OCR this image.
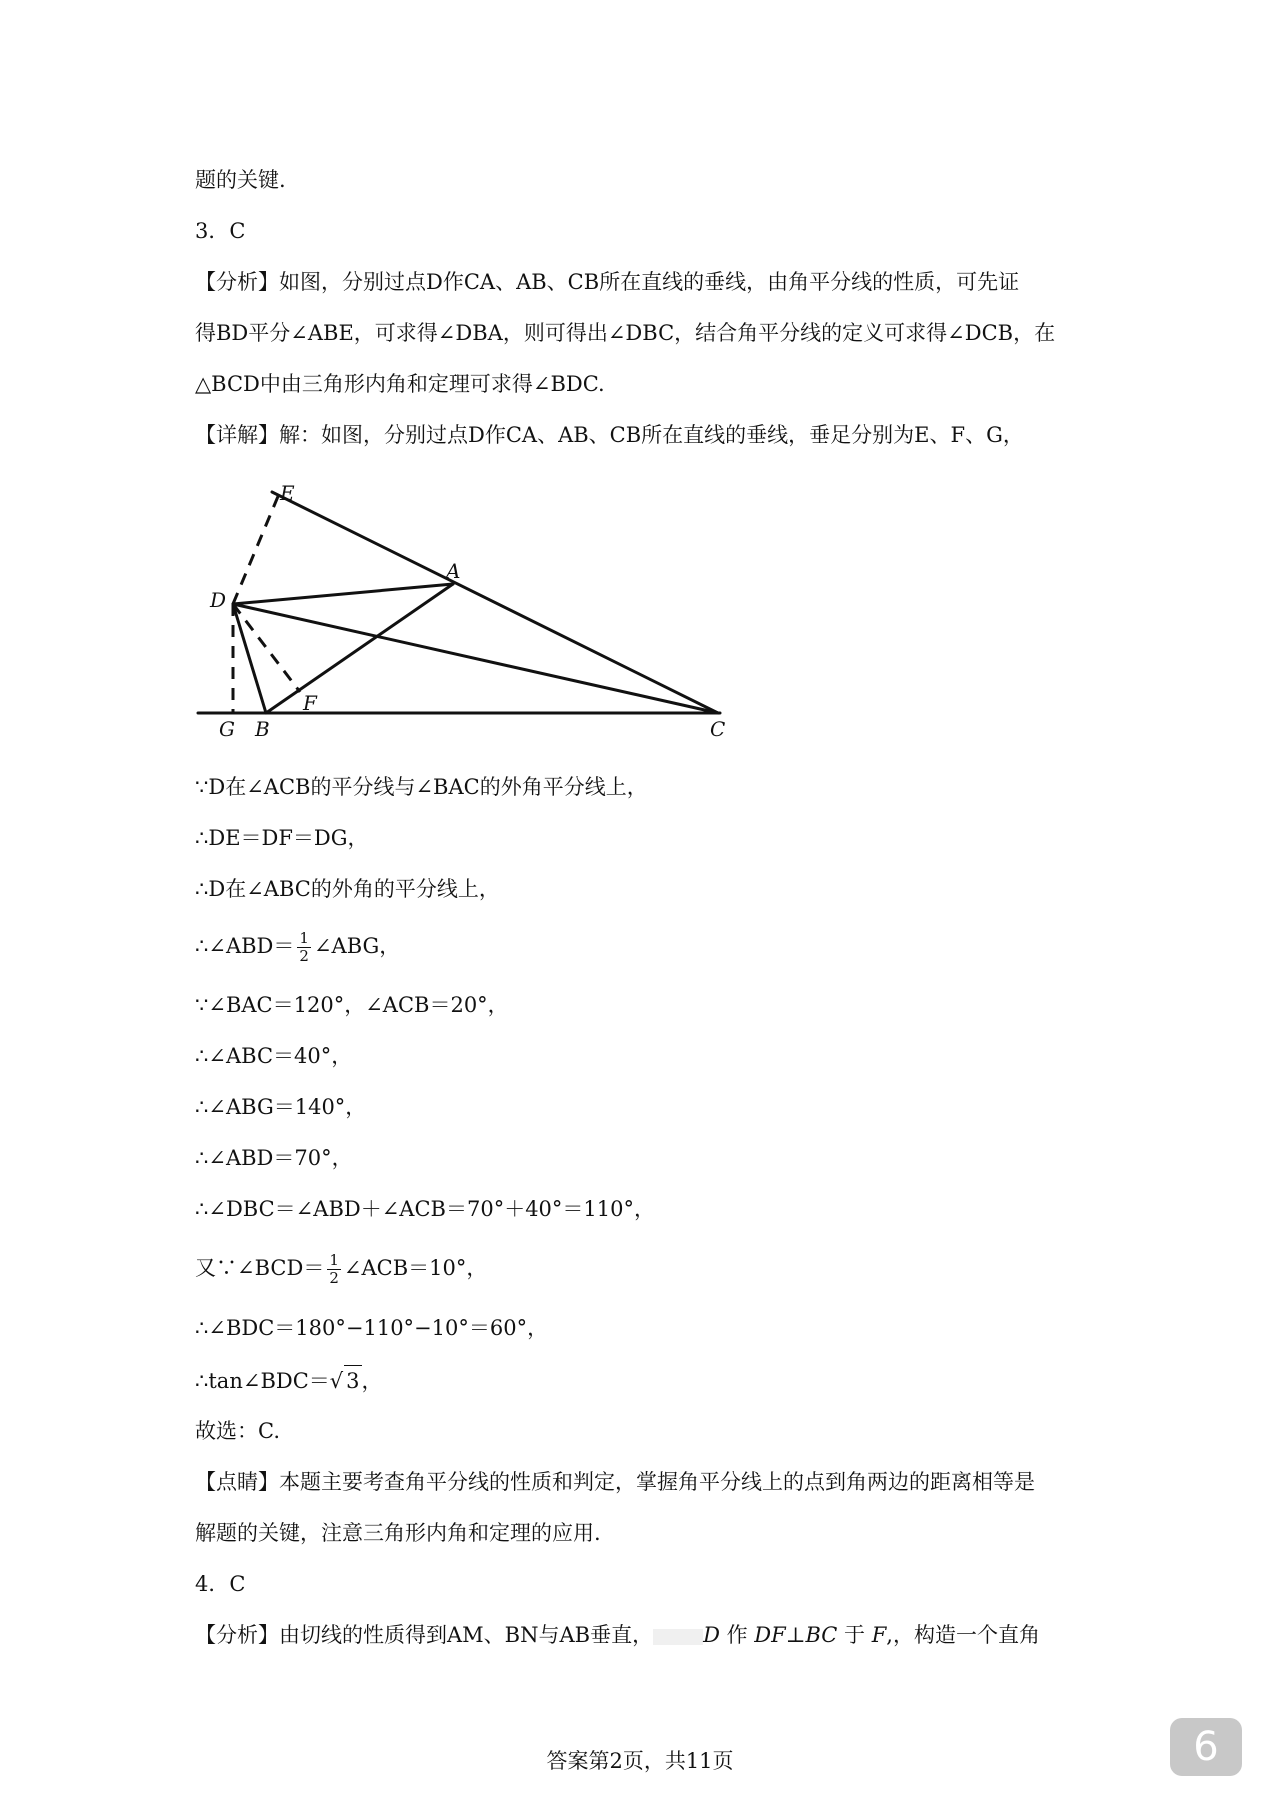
题的关键.
3．C
【分析】如图，分别过点D作CA、AB、CB所在直线的垂线，由角平分线的性质，可先证
得BD平分∠ABE，可求得∠DBA，则可得出∠DBC，结合角平分线的定义可求得∠DCB，在
△BCD中由三角形内角和定理可求得∠BDC.
【详解】解：如图，分别过点D作CA、AB、CB所在直线的垂线，垂足分别为E、F、G，
E
A
D
F
G B	C
∵D在∠ACB的平分线与∠BAC的外角平分线上，
∴DE＝DF＝DG，
∴D在∠ABC的外角的平分线上，
∴∠ABD＝ $\frac{1}{2}$ ∠ABG，
∵∠BAC＝120°，∠ACB＝20°，
∴∠ABC＝40°，
∴∠ABG＝140°，
∴∠ABD＝70°，
∴∠DBC＝∠ABD＋∠ACB＝70°＋40°＝110°，
又∵∠BCD＝ $\frac{1}{2}$ ∠ACB＝10°，
∴∠BDC＝180°−110°−10°＝60°，
∴tan∠BDC＝√ 3，
故选：C.
【点睛】本题主要考查角平分线的性质和判定，掌握角平分线上的点到角两边的距离相等是
解题的关键，注意三角形内角和定理的应用.
4．C
【分析】由切线的性质得到AM、BN与AB垂直， D 作 DF⊥BC 于 F,，构造一个直角
答案第2页，共11页	6
